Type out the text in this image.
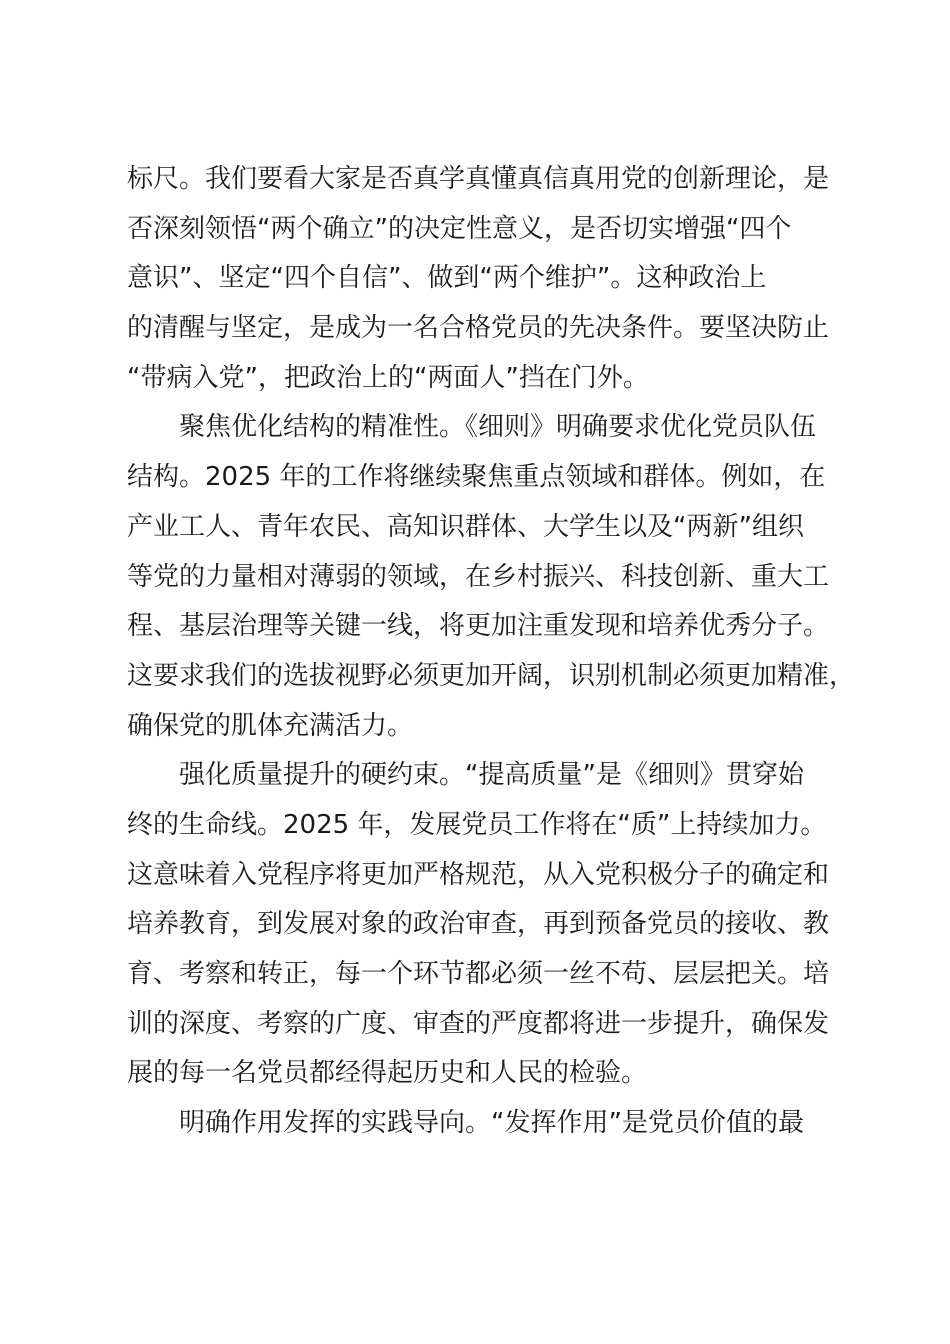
标尺。我们要看大家是否真学真懂真信真用党的创新理论，是
否深刻领悟“两个确立”的决定性意义，是否切实增强“四个
意识”、坚定“四个自信”、做到“两个维护”。这种政治上
的清醒与坚定，是成为一名合格党员的先决条件。要坚决防止
“带病入党”，把政治上的“两面人”挡在门外。
聚焦优化结构的精准性。《细则》明确要求优化党员队伍
结构。2025 年的工作将继续聚焦重点领域和群体。例如，在
产业工人、青年农民、高知识群体、大学生以及“两新”组织
等党的力量相对薄弱的领域，在乡村振兴、科技创新、重大工
程、基层治理等关键一线，将更加注重发现和培养优秀分子。
这要求我们的选拔视野必须更加开阔，识别机制必须更加精准，
确保党的肌体充满活力。
强化质量提升的硬约束。“提高质量”是《细则》贯穿始
终的生命线。2025 年，发展党员工作将在“质”上持续加力。
这意味着入党程序将更加严格规范，从入党积极分子的确定和
培养教育，到发展对象的政治审查，再到预备党员的接收、教
育、考察和转正，每一个环节都必须一丝不苟、层层把关。培
训的深度、考察的广度、审查的严度都将进一步提升，确保发
展的每一名党员都经得起历史和人民的检验。
明确作用发挥的实践导向。“发挥作用”是党员价值的最
